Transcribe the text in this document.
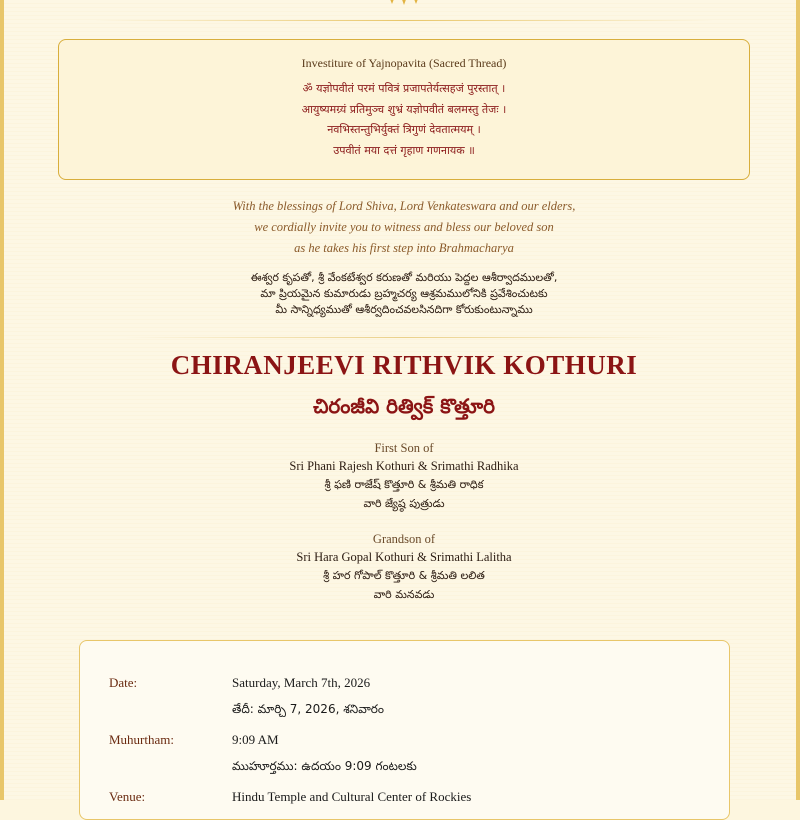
Investiture of Yajnopavita (Sacred Thread)
ॐ यज्ञोपवीतं परमं पवित्रं प्रजापतेर्यत्सहजं पुरस्तात् ।
आयुष्यमग्र्यं प्रतिमुञ्च शुभ्रं यज्ञोपवीतं बलमस्तु तेजः ।
नवभिस्तन्तुभिर्युक्तं त्रिगुणं देवतात्मयम् ।
उपवीतं मया दत्तं गृहाण गणनायक ॥
With the blessings of Lord Shiva, Lord Venkateswara and our elders,
we cordially invite you to witness and bless our beloved son
as he takes his first step into Brahmacharya
ఈశ్వర కృపతో, శ్రీ వేంకటేశ్వర కరుణతో మరియు పెద్దల ఆశీర్వాదములతో,
మా ప్రియమైన కుమారుడు బ్రహ్మచర్య ఆశ్రమములోనికి ప్రవేశించుటకు
మీ సాన్నిధ్యముతో ఆశీర్వదించవలసినదిగా కోరుకుంటున్నాము
CHIRANJEEVI RITHVIK KOTHURI
చిరంజీవి రిత్విక్ కొత్తూరి
First Son of
Sri Phani Rajesh Kothuri & Srimathi Radhika
శ్రీ ఫణి రాజేష్ కొత్తూరి & శ్రీమతి రాధిక
వారి జ్యేష్ఠ పుత్రుడు
Grandson of
Sri Hara Gopal Kothuri & Srimathi Lalitha
శ్రీ హర గోపాల్ కొత్తూరి & శ్రీమతి లలిత
వారి మనవడు
Date:	Saturday, March 7th, 2026
తేదీ: మార్చి 7, 2026, శనివారం
Muhurtham:	9:09 AM
ముహూర్తము: ఉదయం 9:09 గంటలకు
Venue:	Hindu Temple and Cultural Center of Rockies
